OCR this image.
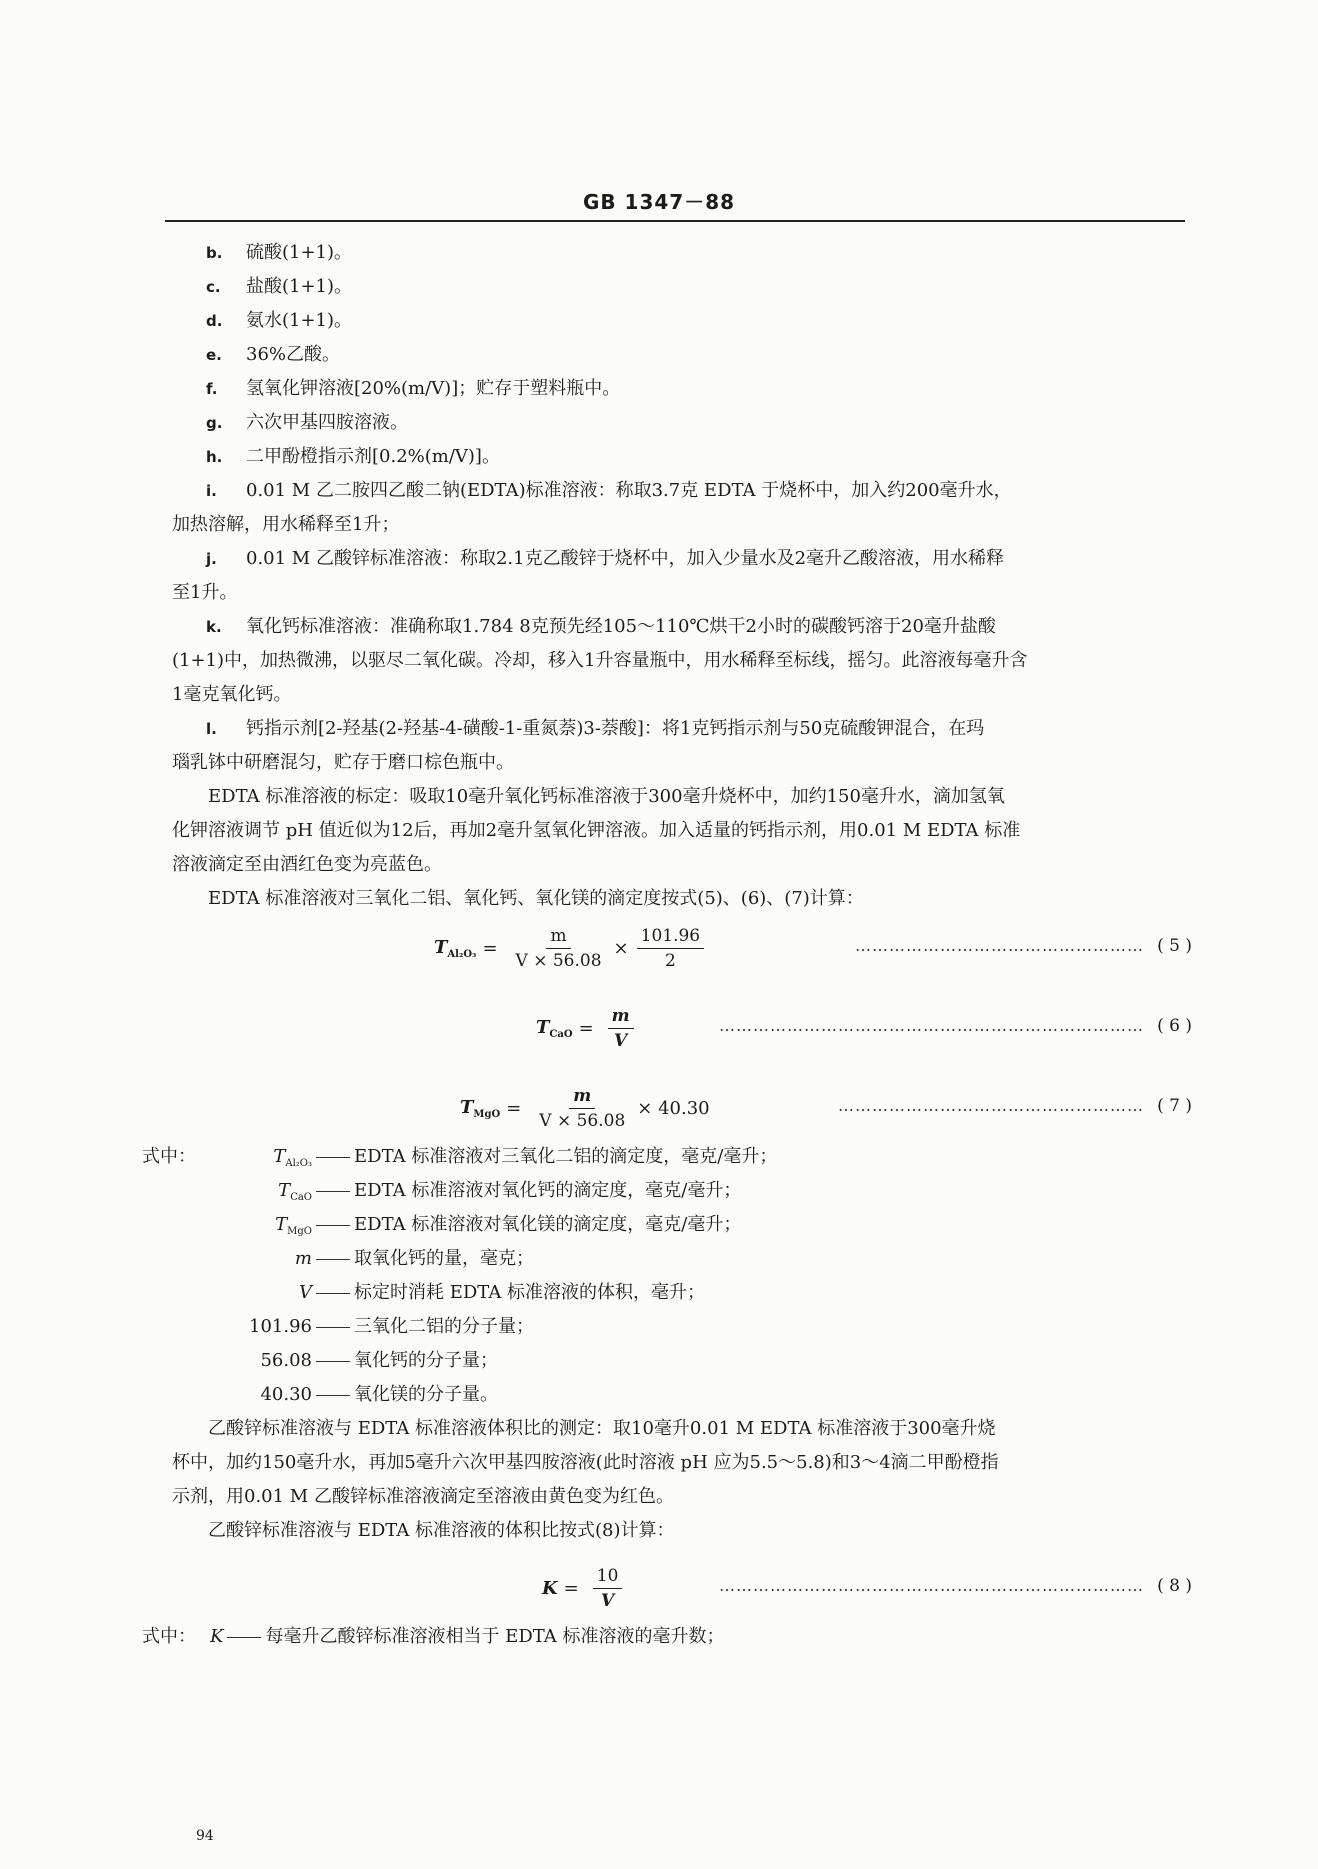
GB 1347－88
b. 硫酸(1+1)。
c. 盐酸(1+1)。
d. 氨水(1+1)。
e. 36%乙酸。
f. 氢氧化钾溶液[20%(m/V)]；贮存于塑料瓶中。
g. 六次甲基四胺溶液。
h. 二甲酚橙指示剂[0.2%(m/V)]。
i. 0.01 M 乙二胺四乙酸二钠(EDTA)标准溶液：称取3.7克 EDTA 于烧杯中，加入约200毫升水，
加热溶解，用水稀释至1升；
j. 0.01 M 乙酸锌标准溶液：称取2.1克乙酸锌于烧杯中，加入少量水及2毫升乙酸溶液，用水稀释
至1升。
k. 氧化钙标准溶液：准确称取1.784 8克预先经105～110℃烘干2小时的碳酸钙溶于20毫升盐酸
(1+1)中，加热微沸，以驱尽二氧化碳。冷却，移入1升容量瓶中，用水稀释至标线，摇匀。此溶液每毫升含
1毫克氧化钙。
l. 钙指示剂[2-羟基(2-羟基-4-磺酸-1-重氮萘)3-萘酸]：将1克钙指示剂与50克硫酸钾混合，在玛
瑙乳钵中研磨混匀，贮存于磨口棕色瓶中。
EDTA 标准溶液的标定：吸取10毫升氧化钙标准溶液于300毫升烧杯中，加约150毫升水，滴加氢氧
化钾溶液调节 pH 值近似为12后，再加2毫升氢氧化钾溶液。加入适量的钙指示剂，用0.01 M EDTA 标准
溶液滴定至由酒红色变为亮蓝色。
EDTA 标准溶液对三氧化二铝、氧化钙、氧化镁的滴定度按式(5)、(6)、(7)计算：
$T_{Al_2O_3} = \frac{m}{V \times 56.08} \times \frac{101.96}{2}$	…………………………………………… ( 5 )
$T_{CaO} = \frac{m}{V}$	………………………………………………………………… ( 6 )
$T_{MgO} = \frac{m}{V \times 56.08} \times 40.30$	……………………………………………… ( 7 )
式中：	$T_{Al_2O_3}$ EDTA 标准溶液对三氧化二铝的滴定度，毫克/毫升；
$T_{CaO}$ EDTA 标准溶液对氧化钙的滴定度，毫克/毫升；
$T_{MgO}$ EDTA 标准溶液对氧化镁的滴定度，毫克/毫升；
m 取氧化钙的量，毫克；
V 标定时消耗 EDTA 标准溶液的体积，毫升；
101.96 三氧化二铝的分子量；
56.08 氧化钙的分子量；
40.30 氧化镁的分子量。
乙酸锌标准溶液与 EDTA 标准溶液体积比的测定：取10毫升0.01 M EDTA 标准溶液于300毫升烧
杯中，加约150毫升水，再加5毫升六次甲基四胺溶液(此时溶液 pH 应为5.5～5.8)和3～4滴二甲酚橙指
示剂，用0.01 M 乙酸锌标准溶液滴定至溶液由黄色变为红色。
乙酸锌标准溶液与 EDTA 标准溶液的体积比按式(8)计算：
$K = \frac{10}{V}$	………………………………………………………………… ( 8 )
式中： K 每毫升乙酸锌标准溶液相当于 EDTA 标准溶液的毫升数；
94
